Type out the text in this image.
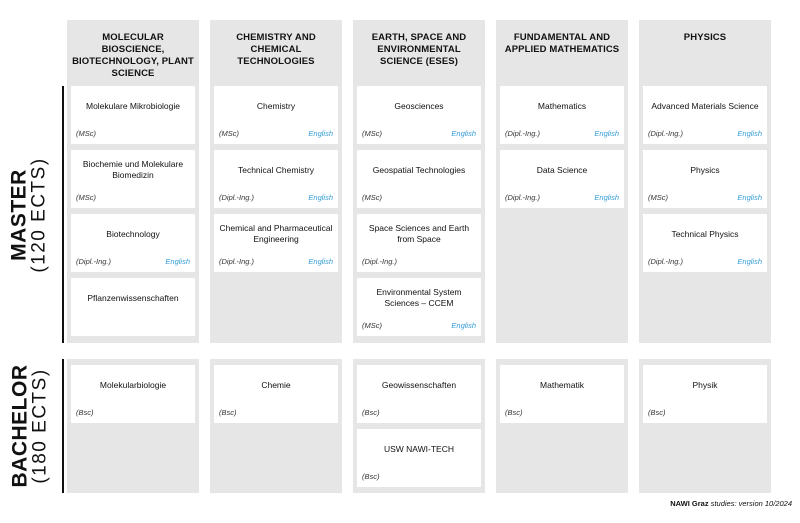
MASTER
(120 ECTS)
BACHELOR
(180 ECTS)
MOLECULAR BIOSCIENCE, BIOTECHNOLOGY, PLANT SCIENCE
Molekulare Mikrobiologie
(MSc)
Biochemie und Molekulare Biomedizin
(MSc)
Biotechnology
(Dipl.-Ing.)	English
Pflanzenwissenschaften
Molekularbiologie
(Bsc)
CHEMISTRY AND CHEMICAL TECHNOLOGIES
Chemistry
(MSc)	English
Technical Chemistry
(Dipl.-Ing.)	English
Chemical and Pharmaceutical Engineering
(Dipl.-Ing.)	English
Chemie
(Bsc)
EARTH, SPACE AND ENVIRONMENTAL SCIENCE (ESES)
Geosciences
(MSc)	English
Geospatial Technologies
(MSc)
Space Sciences and Earth from Space
(Dipl.-Ing.)
Environmental System Sciences – CCEM
(MSc)	English
Geowissenschaften
(Bsc)
USW NAWI-TECH
(Bsc)
FUNDAMENTAL AND APPLIED MATHEMATICS
Mathematics
(Dipl.-Ing.)	English
Data Science
(Dipl.-Ing.)	English
Mathematik
(Bsc)
PHYSICS
Advanced Materials Science
(Dipl.-Ing.)	English
Physics
(MSc)	English
Technical Physics
(Dipl.-Ing.)	English
Physik
(Bsc)
NAWI Graz studies: version 10/2024
